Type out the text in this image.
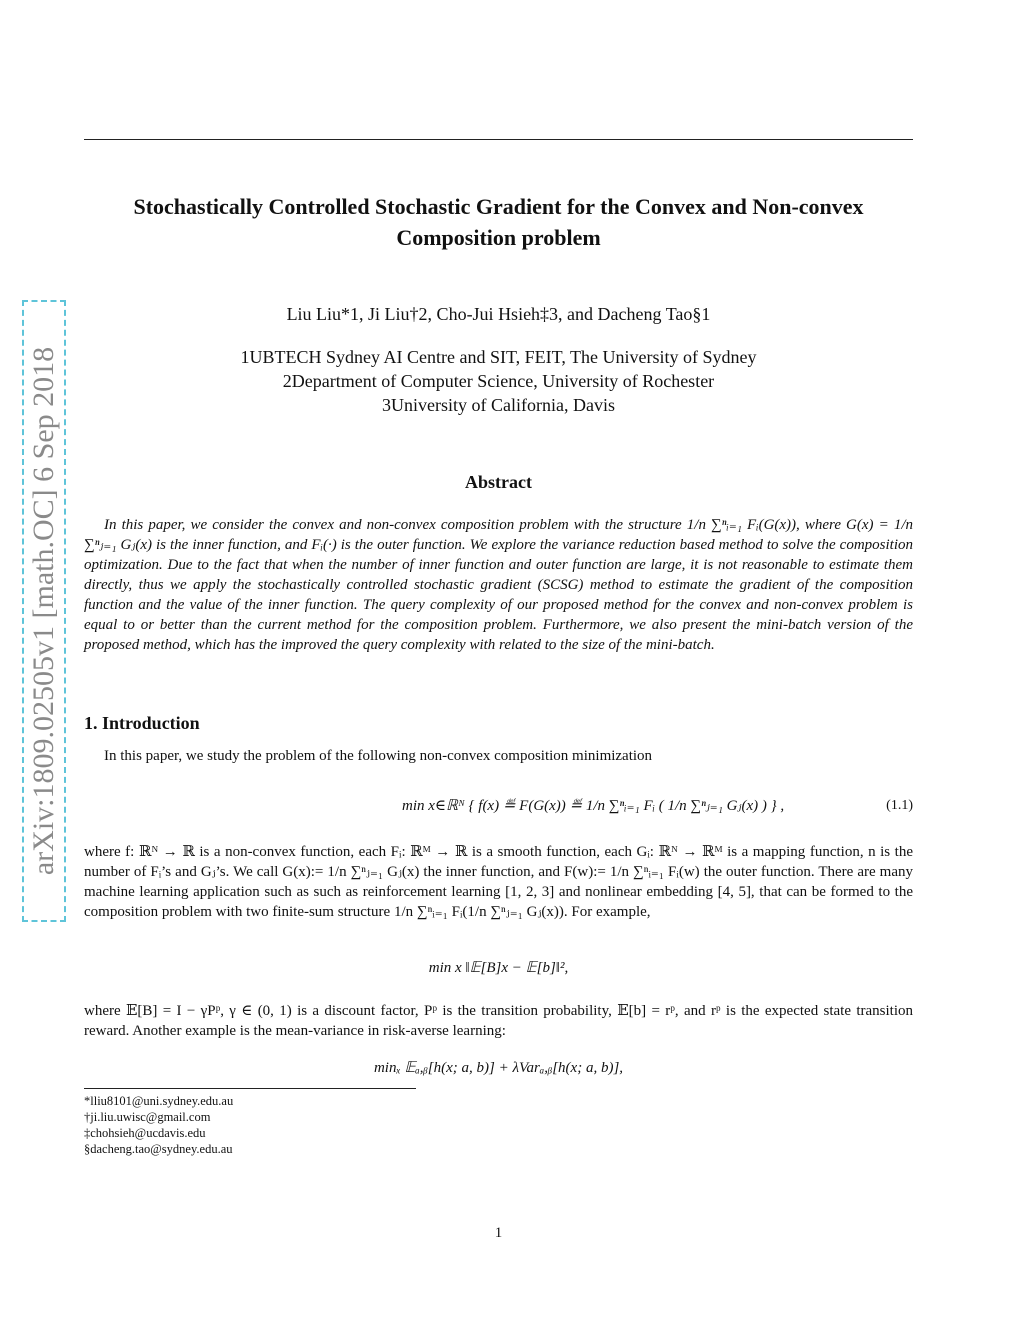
arXiv:1809.02505v1 [math.OC] 6 Sep 2018
Stochastically Controlled Stochastic Gradient for the Convex and Non-convex Composition problem
Liu Liu*1, Ji Liu†2, Cho-Jui Hsieh‡3, and Dacheng Tao§1
1UBTECH Sydney AI Centre and SIT, FEIT, The University of Sydney
2Department of Computer Science, University of Rochester
3University of California, Davis
Abstract

In this paper, we consider the convex and non-convex composition problem with the structure 1/n ∑ⁿᵢ₌₁ Fᵢ(G(x)), where G(x) = 1/n ∑ⁿⱼ₌₁ Gⱼ(x) is the inner function, and Fᵢ(·) is the outer function. We explore the variance reduction based method to solve the composition optimization. Due to the fact that when the number of inner function and outer function are large, it is not reasonable to estimate them directly, thus we apply the stochastically controlled stochastic gradient (SCSG) method to estimate the gradient of the composition function and the value of the inner function. The query complexity of our proposed method for the convex and non-convex problem is equal to or better than the current method for the composition problem. Furthermore, we also present the mini-batch version of the proposed method, which has the improved the query complexity with related to the size of the mini-batch.

1. Introduction
In this paper, we study the problem of the following non-convex composition minimization
min x∈ℝᴺ { f(x) ≝ F(G(x)) ≝ 1/n ∑ⁿᵢ₌₁ Fᵢ ( 1/n ∑ⁿⱼ₌₁ Gⱼ(x) ) } ,	(1.1)
where f: ℝᴺ → ℝ is a non-convex function, each Fᵢ: ℝᴹ → ℝ is a smooth function, each Gᵢ: ℝᴺ → ℝᴹ is a mapping function, n is the number of Fᵢ’s and Gⱼ’s. We call G(x):= 1/n ∑ⁿⱼ₌₁ Gⱼ(x) the inner function, and F(w):= 1/n ∑ⁿᵢ₌₁ Fᵢ(w) the outer function. There are many machine learning application such as such as reinforcement learning [1, 2, 3] and nonlinear embedding [4, 5], that can be formed to the composition problem with two finite-sum structure 1/n ∑ⁿᵢ₌₁ Fᵢ(1/n ∑ⁿⱼ₌₁ Gⱼ(x)). For example,
min x ‖𝔼[B]x − 𝔼[b]‖²,
where 𝔼[B] = I − γPᵖ, γ ∈ (0, 1) is a discount factor, Pᵖ is the transition probability, 𝔼[b] = rᵖ, and rᵖ is the expected state transition reward. Another example is the mean-variance in risk-averse learning:
minₓ 𝔼ₐ,ᵦ[h(x; a, b)] + λVarₐ,ᵦ[h(x; a, b)],
*lliu8101@uni.sydney.edu.au
†ji.liu.uwisc@gmail.com
‡chohsieh@ucdavis.edu
§dacheng.tao@sydney.edu.au
1
